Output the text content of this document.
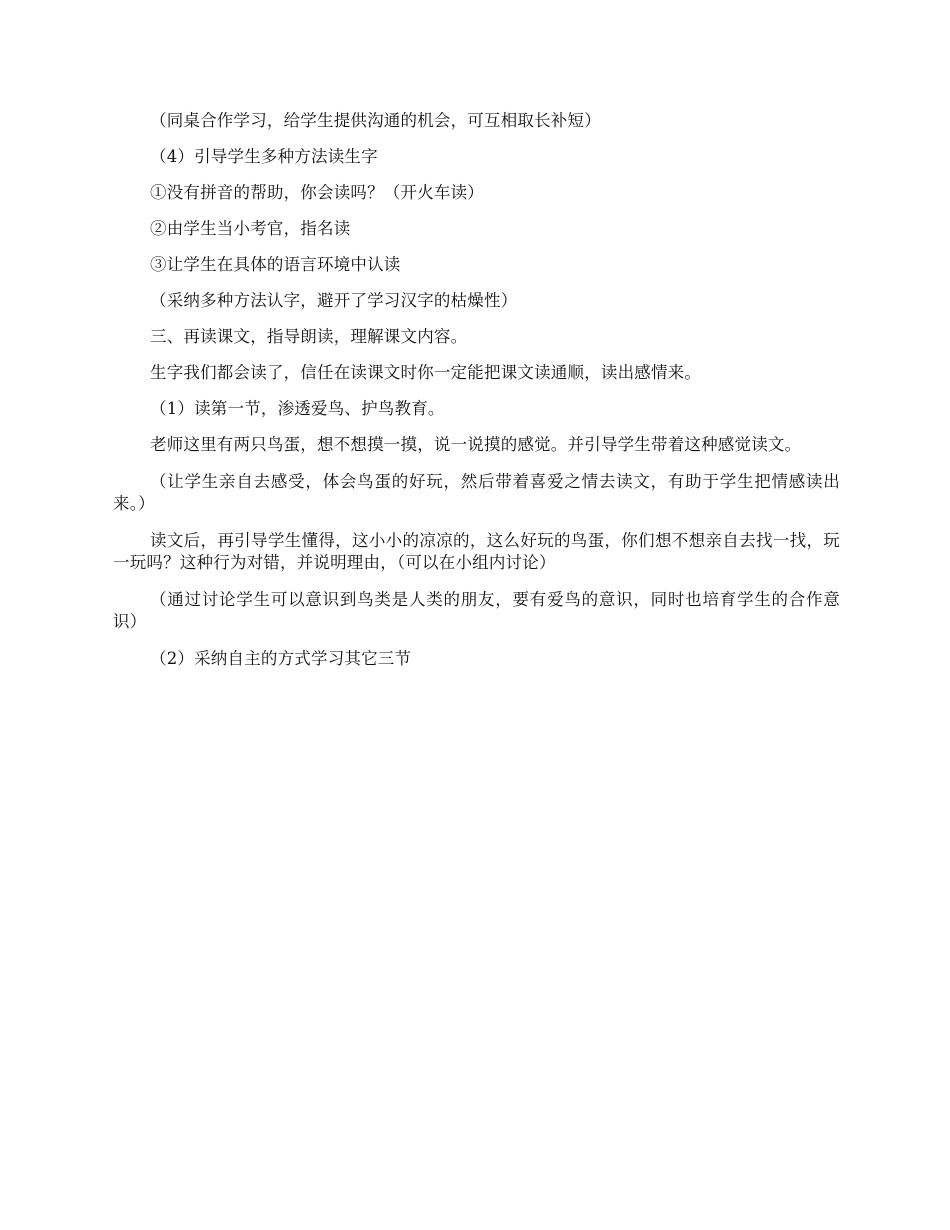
（同桌合作学习，给学生提供沟通的机会，可互相取长补短）

（4）引导学生多种方法读生字

①没有拼音的帮助，你会读吗？（开火车读）

②由学生当小考官，指名读

③让学生在具体的语言环境中认读

（采纳多种方法认字，避开了学习汉字的枯燥性）

三、再读课文，指导朗读，理解课文内容。

生字我们都会读了，信任在读课文时你一定能把课文读通顺，读出感情来。

（1）读第一节，渗透爱鸟、护鸟教育。

老师这里有两只鸟蛋，想不想摸一摸，说一说摸的感觉。并引导学生带着这种感觉读文。

（让学生亲自去感受，体会鸟蛋的好玩，然后带着喜爱之情去读文，有助于学生把情感读出来。）

读文后，再引导学生懂得，这小小的凉凉的，这么好玩的鸟蛋，你们想不想亲自去找一找，玩一玩吗？这种行为对错，并说明理由，（可以在小组内讨论）

（通过讨论学生可以意识到鸟类是人类的朋友，要有爱鸟的意识，同时也培育学生的合作意识）

（2）采纳自主的方式学习其它三节
